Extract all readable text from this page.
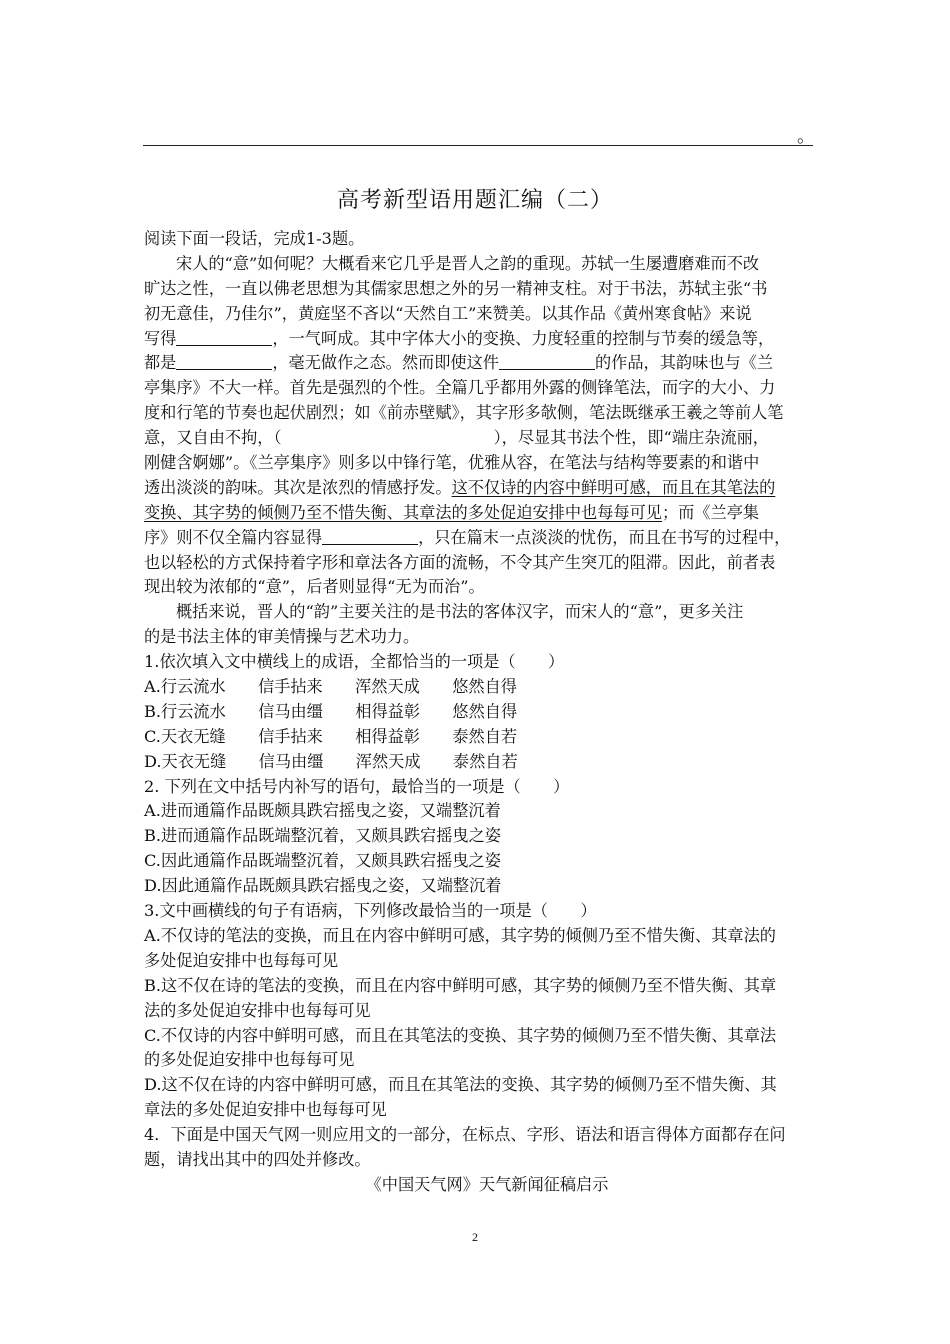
。
高考新型语用题汇编（二）
阅读下面一段话，完成1-3题。
宋人的“意”如何呢？大概看来它几乎是晋人之韵的重现。苏轼一生屡遭磨难而不改
旷达之性，一直以佛老思想为其儒家思想之外的另一精神支柱。对于书法，苏轼主张“书
初无意佳，乃佳尔”，黄庭坚不吝以“天然自工”来赞美。以其作品《黄州寒食帖》来说
写得	，一气呵成。其中字体大小的变换、力度轻重的控制与节奏的缓急等，
都是	，毫无做作之态。然而即使这件	的作品，其韵味也与《兰
亭集序》不大一样。首先是强烈的个性。全篇几乎都用外露的侧锋笔法，而字的大小、力
度和行笔的节奏也起伏剧烈；如《前赤壁赋》，其字形多欹侧，笔法既继承王羲之等前人笔
意，又自由不拘，（	），尽显其书法个性，即“端庄杂流丽，
刚健含婀娜”。《兰亭集序》则多以中锋行笔，优雅从容，在笔法与结构等要素的和谐中
透出淡淡的韵味。其次是浓烈的情感抒发。这不仅诗的内容中鲜明可感，而且在其笔法的
变换、其字势的倾侧乃至不惜失衡、其章法的多处促迫安排中也每每可见；而《兰亭集
序》则不仅全篇内容显得	，只在篇末一点淡淡的忧伤，而且在书写的过程中，
也以轻松的方式保持着字形和章法各方面的流畅，不令其产生突兀的阻滞。因此，前者表
现出较为浓郁的“意”，后者则显得“无为而治”。
概括来说，晋人的“韵”主要关注的是书法的客体汉字，而宋人的“意”，更多关注
的是书法主体的审美情操与艺术功力。
1.依次填入文中横线上的成语，全都恰当的一项是（　　）
A.行云流水　　信手拈来　　浑然天成　　悠然自得
B.行云流水　　信马由缰　　相得益彰　　悠然自得
C.天衣无缝　　信手拈来　　相得益彰　　泰然自若
D.天衣无缝　　信马由缰　　浑然天成　　泰然自若
2. 下列在文中括号内补写的语句，最恰当的一项是（　　）
A.进而通篇作品既颇具跌宕摇曳之姿，又端整沉着
B.进而通篇作品既端整沉着，又颇具跌宕摇曳之姿
C.因此通篇作品既端整沉着，又颇具跌宕摇曳之姿
D.因此通篇作品既颇具跌宕摇曳之姿，又端整沉着
3.文中画横线的句子有语病，下列修改最恰当的一项是（　　）
A.不仅诗的笔法的变换，而且在内容中鲜明可感，其字势的倾侧乃至不惜失衡、其章法的
多处促迫安排中也每每可见
B.这不仅在诗的笔法的变换，而且在内容中鲜明可感，其字势的倾侧乃至不惜失衡、其章
法的多处促迫安排中也每每可见
C.不仅诗的内容中鲜明可感，而且在其笔法的变换、其字势的倾侧乃至不惜失衡、其章法
的多处促迫安排中也每每可见
D.这不仅在诗的内容中鲜明可感，而且在其笔法的变换、其字势的倾侧乃至不惜失衡、其
章法的多处促迫安排中也每每可见
4．下面是中国天气网一则应用文的一部分，在标点、字形、语法和语言得体方面都存在问
题，请找出其中的四处并修改。
《中国天气网》天气新闻征稿启示
2
